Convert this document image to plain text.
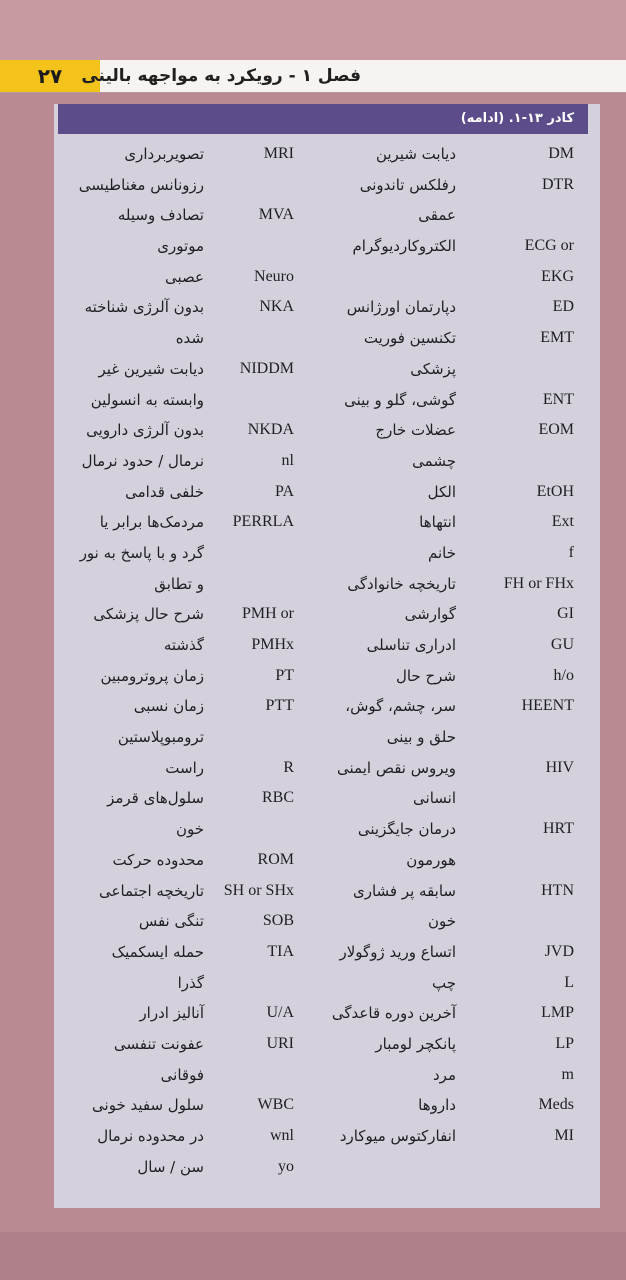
۲۷	فصل ۱ - رویکرد به مواجهه بالینی
کادر ۱۳-۱. (ادامه)
DM
دیابت شیرین
MRI
تصویربرداری
DTR
رفلکس تاندونی
رزونانس مغناطیسی
عمقی
MVA
تصادف وسیله
ECG or
الکتروکاردیوگرام
موتوری
EKG
Neuro
عصبی
ED
دپارتمان اورژانس
NKA
بدون آلرژی شناخته
EMT
تکنسین فوریت
شده
پزشکی
NIDDM
دیابت شیرین غیر
ENT
گوشی، گلو و بینی
وابسته به انسولین
EOM
عضلات خارج
NKDA
بدون آلرژی دارویی
چشمی
nl
نرمال / حدود نرمال
EtOH
الکل
PA
خلفی قدامی
Ext
انتهاها
PERRLA
مردمک‌ها برابر یا
f
خانم
گرد و با پاسخ به نور
FH or FHx
تاریخچه خانوادگی
و تطابق
GI
گوارشی
PMH or
شرح حال پزشکی
GU
ادراری تناسلی
PMHx
گذشته
h/o
شرح حال
PT
زمان پروترومبین
HEENT
سر، چشم، گوش،
PTT
زمان نسبی
حلق و بینی
ترومبوپلاستین
HIV
ویروس نقص ایمنی
R
راست
انسانی
RBC
سلول‌های قرمز
HRT
درمان جایگزینی
خون
هورمون
ROM
محدوده حرکت
HTN
سابقه پر فشاری
SH or SHx
تاریخچه اجتماعی
خون
SOB
تنگی نفس
JVD
اتساع ورید ژوگولار
TIA
حمله ایسکمیک
L
چپ
گذرا
LMP
آخرین دوره قاعدگی
U/A
آنالیز ادرار
LP
پانکچر لومبار
URI
عفونت تنفسی
m
مرد
فوقانی
Meds
داروها
WBC
سلول سفید خونی
MI
انفارکتوس میوکارد
wnl
در محدوده نرمال
yo
سن / سال
